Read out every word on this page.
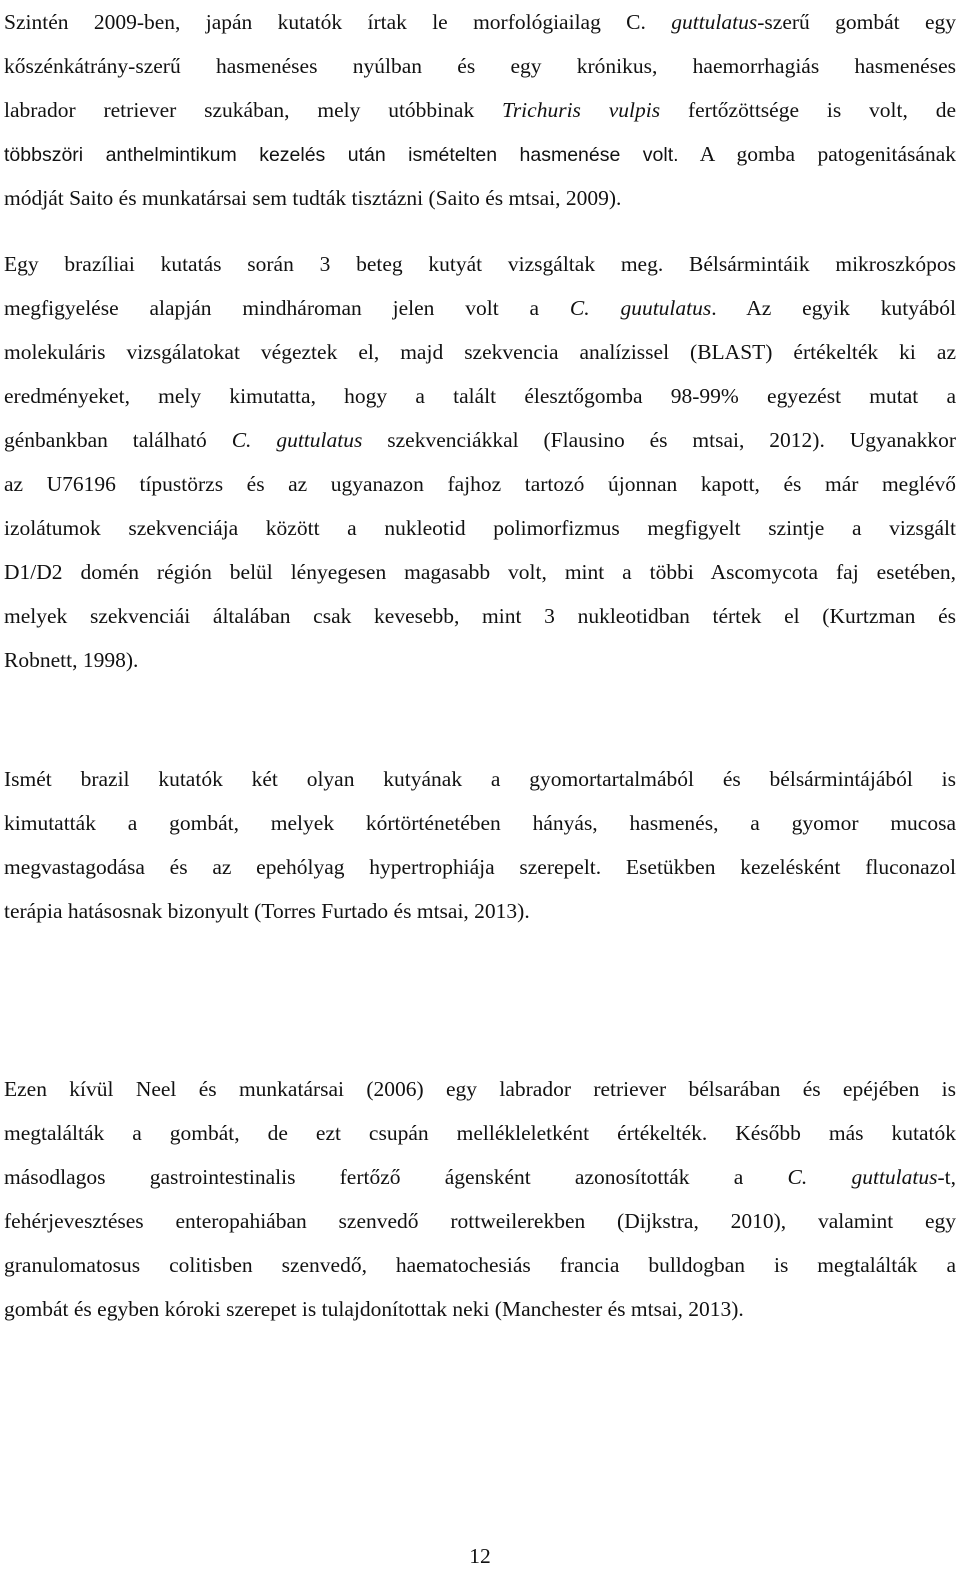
Szintén 2009-ben, japán kutatók írtak le morfológiailag C. guttulatus-szerű gombát egy
kőszénkátrány-szerű hasmenéses nyúlban és egy krónikus, haemorrhagiás hasmenéses
labrador retriever szukában, mely utóbbinak Trichuris vulpis fertőzöttsége is volt, de
többszöri anthelmintikum kezelés után ismételten hasmenése volt. A gomba patogenitásának
módját Saito és munkatársai sem tudták tisztázni (Saito és mtsai, 2009).
Egy brazíliai kutatás során 3 beteg kutyát vizsgáltak meg. Bélsármintáik mikroszkópos
megfigyelése alapján mindhároman jelen volt a C. guutulatus. Az egyik kutyából
molekuláris vizsgálatokat végeztek el, majd szekvencia analízissel (BLAST) értékelték ki az
eredményeket, mely kimutatta, hogy a talált élesztőgomba 98-99% egyezést mutat a
génbankban található C. guttulatus szekvenciákkal (Flausino és mtsai, 2012). Ugyanakkor
az U76196 típustörzs és az ugyanazon fajhoz tartozó újonnan kapott, és már meglévő
izolátumok szekvenciája között a nukleotid polimorfizmus megfigyelt szintje a vizsgált
D1/D2 domén régión belül lényegesen magasabb volt, mint a többi Ascomycota faj esetében,
melyek szekvenciái általában csak kevesebb, mint 3 nukleotidban tértek el (Kurtzman és
Robnett, 1998).
Ismét brazil kutatók két olyan kutyának a gyomortartalmából és bélsármintájából is
kimutatták a gombát, melyek kórtörténetében hányás, hasmenés, a gyomor mucosa
megvastagodása és az epehólyag hypertrophiája szerepelt. Esetükben kezelésként fluconazol
terápia hatásosnak bizonyult (Torres Furtado és mtsai, 2013).
Ezen kívül Neel és munkatársai (2006) egy labrador retriever bélsarában és epéjében is
megtalálták a gombát, de ezt csupán mellékleletként értékelték. Később más kutatók
másodlagos gastrointestinalis fertőző ágensként azonosították a C. guttulatus-t,
fehérjevesztéses enteropahiában szenvedő rottweilerekben (Dijkstra, 2010), valamint egy
granulomatosus colitisben szenvedő, haematochesiás francia bulldogban is megtalálták a
gombát és egyben kóroki szerepet is tulajdonítottak neki (Manchester és mtsai, 2013).
12
